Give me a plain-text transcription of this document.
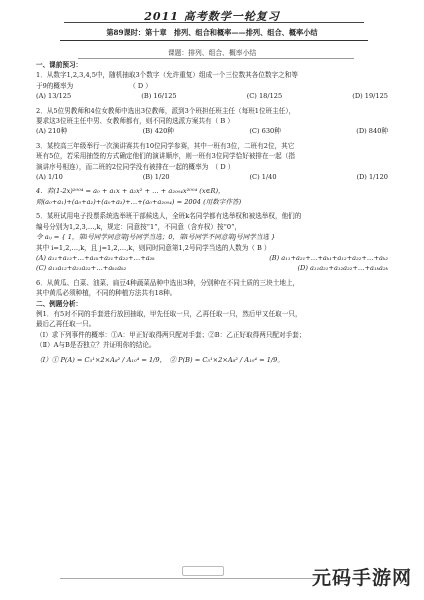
2011 高考数学一轮复习
第89课时：第十章　排列、组合和概率——排列、组合、概率小结
课题：排列、组合、概率小结
一、课前预习：
1．从数字1,2,3,4,5中，随机抽取3个数字（允许重复）组成一个三位数其各位数字之和等
于9的概率为　　　　　　　　　（ D ）
(A) 13/125	(B) 16/125	(C) 18/125	(D) 19/125
2．从5位男教师和4位女教师中选出3位教师，派到3个班担任班主任（每班1位班主任），
要求这3位班主任中男、女教师都有，则不同的选派方案共有（ B ）
(A) 210种	(B) 420种	(C) 630种	(D) 840种
3．某校高三年级举行一次演讲赛共有10位同学参赛，其中一班有3位，二班有2位，其它
班有5位，若采用抽签的方式确定他们的演讲顺序，则一班有3位同学恰好被排在一起（指
演讲序号相连），而二班的2位同学没有被排在一起的概率为　（ D ）
(A) 1/10	(B) 1/20	(C) 1/40	(D) 1/120
4．若(1-2x)²⁰⁰⁴ = a₀ + a₁x + a₂x² + … + a₂₀₀₄x²⁰⁰⁴ (x∈R)，
则(a₀+a₁)+(a₀+a₂)+(a₀+a₃)+…+(a₀+a₂₀₀₄) = 2004 (用数字作答)
5．某班试用电子投票系统选举班干部候选人，全班k名同学都有选举权和被选举权，他们的
编号分别为1,2,3,…,k，规定：同意按“1”，不同意（含弃权）按“0”，
令 aᵢⱼ = { 1，第i号同学同意第j号同学当选；0，第i号同学不同意第j号同学当选 }
其中 i=1,2,…,k，且 j=1,2,…,k，则同时同意第1,2号同学当选的人数为（ B ）
(A) a₁₁+a₁₂+…+a₁ₖ+a₂₁+a₂₂+…+a₂ₖ	(B) a₁₁+a₂₁+…+aₖ₁+a₁₂+a₂₂+…+aₖ₂
(C) a₁₁a₁₂+a₂₁a₂₂+…+aₖ₁aₖ₂	(D) a₁₁a₂₁+a₁₂a₂₂+…+a₁ₖa₂ₖ
6．从黄瓜、白菜、油菜、扁豆4种蔬菜品种中选出3种，分别种在不同土质的三块土地上，
其中黄瓜必须种植，不同的种植方法共有18种。
二、例题分析：
例1．有5对不同的手套进行放回抽取，甲先任取一只，乙再任取一只，然后甲又任取一只，
最后乙再任取一只。
（Ⅰ）求下列事件的概率：①A：甲正好取得两只配对手套；②B：乙正好取得两只配对手套；
（Ⅱ）A与B是否独立？并证明你的结论。
（Ⅰ）① P(A) = C₅¹×2×A₈² / A₁₀⁴ = 1/9，　② P(B) = C₅¹×2×A₈² / A₁₀⁴ = 1/9。
元码手游网
